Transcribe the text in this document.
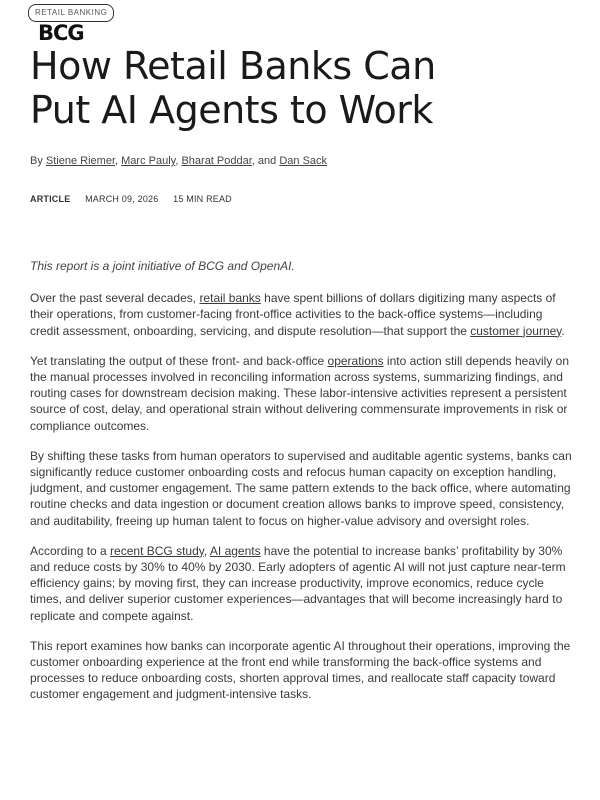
RETAIL BANKING
BCG
How Retail Banks Can
Put AI Agents to Work
By Stiene Riemer, Marc Pauly, Bharat Poddar, and Dan Sack
ARTICLE MARCH 09, 2026 15 MIN READ

This report is a joint initiative of BCG and OpenAI.

Over the past several decades, retail banks have spent billions of dollars digitizing many aspects of their operations, from customer-facing front-office activities to the back-office systems—including credit assessment, onboarding, servicing, and dispute resolution—that support the customer journey.

Yet translating the output of these front- and back-office operations into action still depends heavily on the manual processes involved in reconciling information across systems, summarizing findings, and routing cases for downstream decision making. These labor-intensive activities represent a persistent source of cost, delay, and operational strain without delivering commensurate improvements in risk or compliance outcomes.

By shifting these tasks from human operators to supervised and auditable agentic systems, banks can significantly reduce customer onboarding costs and refocus human capacity on exception handling, judgment, and customer engagement. The same pattern extends to the back office, where automating routine checks and data ingestion or document creation allows banks to improve speed, consistency, and auditability, freeing up human talent to focus on higher-value advisory and oversight roles.

According to a recent BCG study, AI agents have the potential to increase banks’ profitability by 30% and reduce costs by 30% to 40% by 2030. Early adopters of agentic AI will not just capture near-term efficiency gains; by moving first, they can increase productivity, improve economics, reduce cycle times, and deliver superior customer experiences—advantages that will become increasingly hard to replicate and compete against.

This report examines how banks can incorporate agentic AI throughout their operations, improving the customer onboarding experience at the front end while transforming the back-office systems and processes to reduce onboarding costs, shorten approval times, and reallocate staff capacity toward customer engagement and judgment-intensive tasks.
